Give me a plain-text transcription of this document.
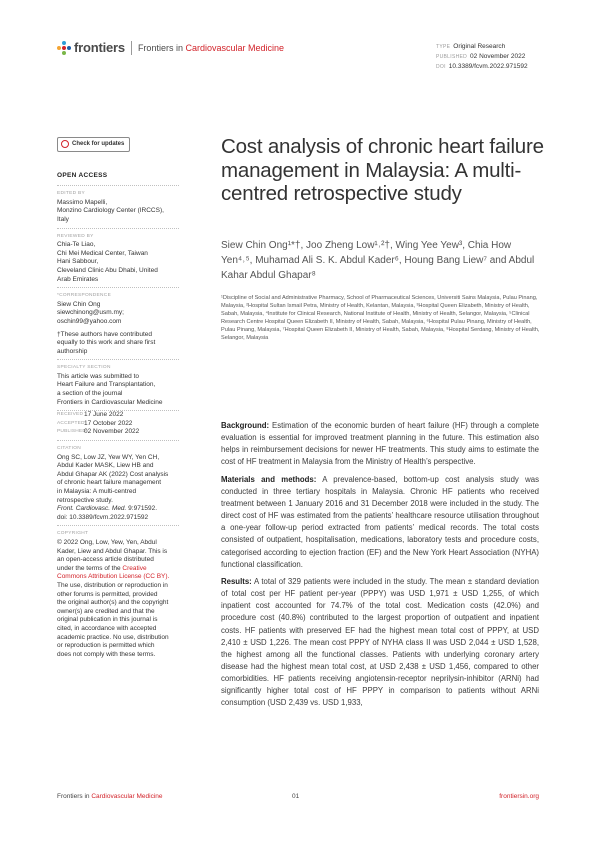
frontiers Frontiers in Cardiovascular Medicine	TYPE Original Research
PUBLISHED 02 November 2022
DOI 10.3389/fcvm.2022.971592
Check for updates
OPEN ACCESS
EDITED BY
Massimo Mapelli,
Monzino Cardiology Center (IRCCS),
Italy
REVIEWED BY
Chia-Te Liao,
Chi Mei Medical Center, Taiwan
Hani Sabbour,
Cleveland Clinic Abu Dhabi, United
Arab Emirates
*CORRESPONDENCE
Siew Chin Ong
siewchinong@usm.my;
oschin99@yahoo.com
†These authors have contributed
equally to this work and share first
authorship
SPECIALTY SECTION
This article was submitted to
Heart Failure and Transplantation,
a section of the journal
Frontiers in Cardiovascular Medicine
RECEIVED 17 June 2022
ACCEPTED 17 October 2022
PUBLISHED
02 November 2022
CITATION
Ong SC, Low JZ, Yew WY, Yen CH,
Abdul Kader MASK, Liew HB and
Abdul Ghapar AK (2022) Cost analysis
of chronic heart failure management
in Malaysia: A multi-centred
retrospective study.
Front. Cardiovasc. Med. 9:971592.
doi: 10.3389/fcvm.2022.971592
COPYRIGHT
© 2022 Ong, Low, Yew, Yen, Abdul
Kader, Liew and Abdul Ghapar. This is
an open-access article distributed
under the terms of the Creative
Commons Attribution License (CC BY).
The use, distribution or reproduction in
other forums is permitted, provided
the original author(s) and the copyright
owner(s) are credited and that the
original publication in this journal is
cited, in accordance with accepted
academic practice. No use, distribution
or reproduction is permitted which
does not comply with these terms.
Cost analysis of chronic heart failure management in Malaysia: A multi-centred retrospective study
Siew Chin Ong¹*†, Joo Zheng Low¹˒²†, Wing Yee Yew³, Chia How Yen⁴˒⁵, Muhamad Ali S. K. Abdul Kader⁶, Houng Bang Liew⁷ and Abdul Kahar Abdul Ghapar⁸
¹Discipline of Social and Administrative Pharmacy, School of Pharmaceutical Sciences, Universiti Sains Malaysia, Pulau Pinang, Malaysia, ²Hospital Sultan Ismail Petra, Ministry of Health, Kelantan, Malaysia, ³Hospital Queen Elizabeth, Ministry of Health, Sabah, Malaysia, ⁴Institute for Clinical Research, National Institute of Health, Ministry of Health, Selangor, Malaysia, ⁵Clinical Research Centre Hospital Queen Elizabeth II, Ministry of Health, Sabah, Malaysia, ⁶Hospital Pulau Pinang, Ministry of Health, Pulau Pinang, Malaysia, ⁷Hospital Queen Elizabeth II, Ministry of Health, Sabah, Malaysia, ⁸Hospital Serdang, Ministry of Health, Selangor, Malaysia

Background: Estimation of the economic burden of heart failure (HF) through a complete evaluation is essential for improved treatment planning in the future. This estimation also helps in reimbursement decisions for newer HF treatments. This study aims to estimate the cost of HF treatment in Malaysia from the Ministry of Health’s perspective.

Materials and methods: A prevalence-based, bottom-up cost analysis study was conducted in three tertiary hospitals in Malaysia. Chronic HF patients who received treatment between 1 January 2016 and 31 December 2018 were included in the study. The direct cost of HF was estimated from the patients’ healthcare resource utilisation throughout a one-year follow-up period extracted from patients’ medical records. The total costs consisted of outpatient, hospitalisation, medications, laboratory tests and procedure costs, categorised according to ejection fraction (EF) and the New York Heart Association (NYHA) functional classification.

Results: A total of 329 patients were included in the study. The mean ± standard deviation of total cost per HF patient per-year (PPPY) was USD 1,971 ± USD 1,255, of which inpatient cost accounted for 74.7% of the total cost. Medication costs (42.0%) and procedure cost (40.8%) contributed to the largest proportion of outpatient and inpatient costs. HF patients with preserved EF had the highest mean total cost of PPPY, at USD 2,410 ± USD 1,226. The mean cost PPPY of NYHA class II was USD 2,044 ± USD 1,528, the highest among all the functional classes. Patients with underlying coronary artery disease had the highest mean total cost, at USD 2,438 ± USD 1,456, compared to other comorbidities. HF patients receiving angiotensin-receptor neprilysin-inhibitor (ARNi) had significantly higher total cost of HF PPPY in comparison to patients without ARNi consumption (USD 2,439 vs. USD 1,933,

Frontiers in Cardiovascular Medicine	01	frontiersin.org
